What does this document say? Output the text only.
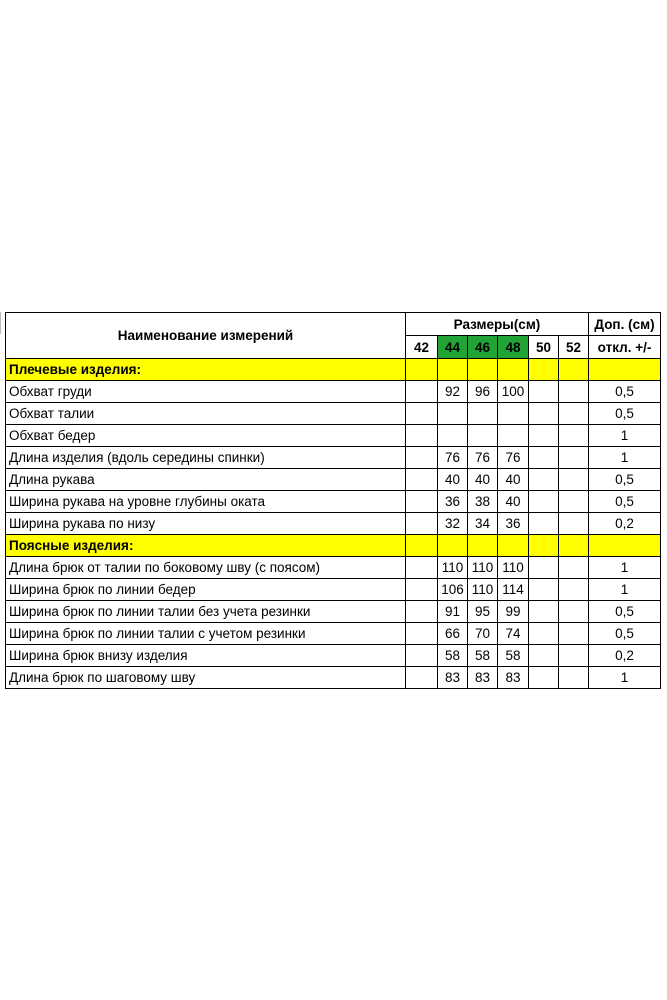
Наименование измерений	Размеры(см)						Доп. (см)
	42	44	46	48	50	52	откл. +/-
Плечевые изделия:							
Обхват груди		92	96	100			0,5
Обхват талии							0,5
Обхват бедер							1
Длина изделия (вдоль середины спинки)		76	76	76			1
Длина рукава		40	40	40			0,5
Ширина рукава на уровне глубины оката		36	38	40			0,5
Ширина рукава по низу		32	34	36			0,2
Поясные изделия:							
Длина брюк от талии по боковому шву (с поясом)		110	110	110			1
Ширина брюк по линии бедер		106	110	114			1
Ширина брюк по линии талии без учета резинки		91	95	99			0,5
Ширина брюк по линии талии с учетом резинки		66	70	74			0,5
Ширина брюк внизу изделия		58	58	58			0,2
Длина брюк по шаговому шву		83	83	83			1
